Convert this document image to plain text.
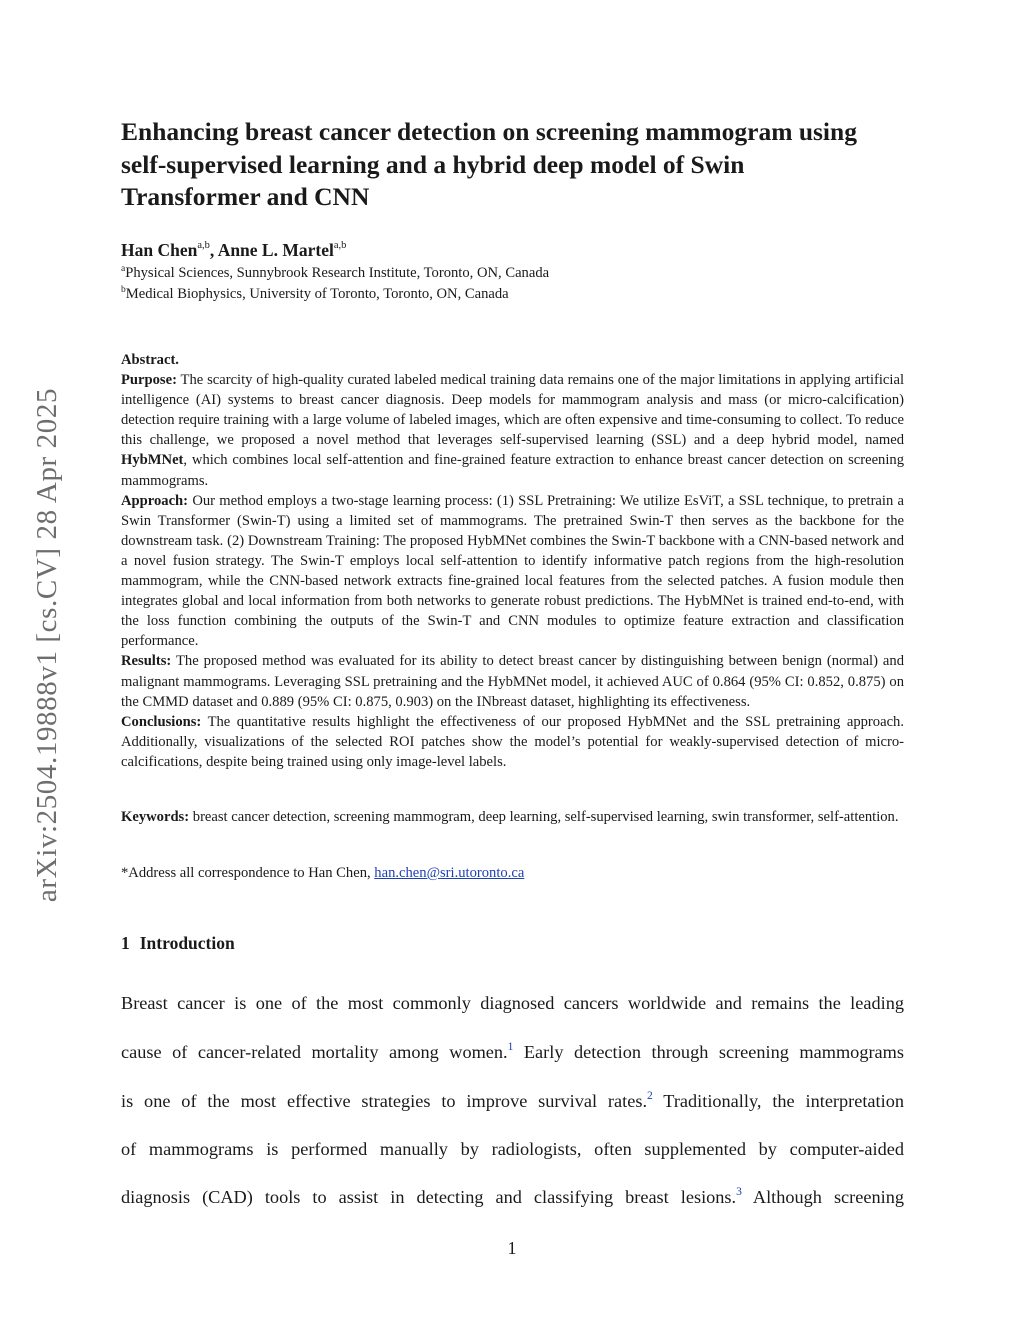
arXiv:2504.19888v1 [cs.CV] 28 Apr 2025
Enhancing breast cancer detection on screening mammogram using
self-supervised learning and a hybrid deep model of Swin
Transformer and CNN
Han Chen$^{a,b}$, Anne L. Martel$^{a,b}$
$^a$Physical Sciences, Sunnybrook Research Institute, Toronto, ON, Canada
$^b$Medical Biophysics, University of Toronto, Toronto, ON, Canada

Abstract.

Purpose: The scarcity of high-quality curated labeled medical training data remains one of the major limitations in applying artificial intelligence (AI) systems to breast cancer diagnosis. Deep models for mammogram analysis and mass (or micro-calcification) detection require training with a large volume of labeled images, which are often expensive and time-consuming to collect. To reduce this challenge, we proposed a novel method that leverages self-supervised learning (SSL) and a deep hybrid model, named HybMNet, which combines local self-attention and fine-grained feature extraction to enhance breast cancer detection on screening mammograms.

Approach: Our method employs a two-stage learning process: (1) SSL Pretraining: We utilize EsViT, a SSL technique, to pretrain a Swin Transformer (Swin-T) using a limited set of mammograms. The pretrained Swin-T then serves as the backbone for the downstream task. (2) Downstream Training: The proposed HybMNet combines the Swin-T backbone with a CNN-based network and a novel fusion strategy. The Swin-T employs local self-attention to identify informative patch regions from the high-resolution mammogram, while the CNN-based network extracts fine-grained local features from the selected patches. A fusion module then integrates global and local information from both networks to generate robust predictions. The HybMNet is trained end-to-end, with the loss function combining the outputs of the Swin-T and CNN modules to optimize feature extraction and classification performance.

Results: The proposed method was evaluated for its ability to detect breast cancer by distinguishing between benign (normal) and malignant mammograms. Leveraging SSL pretraining and the HybMNet model, it achieved AUC of 0.864 (95% CI: 0.852, 0.875) on the CMMD dataset and 0.889 (95% CI: 0.875, 0.903) on the INbreast dataset, highlighting its effectiveness.

Conclusions: The quantitative results highlight the effectiveness of our proposed HybMNet and the SSL pretraining approach. Additionally, visualizations of the selected ROI patches show the model’s potential for weakly-supervised detection of micro-calcifications, despite being trained using only image-level labels.

Keywords: breast cancer detection, screening mammogram, deep learning, self-supervised learning, swin transformer, self-attention.
*Address all correspondence to Han Chen, han.chen@sri.utoronto.ca
1 Introduction
Breast cancer is one of the most commonly diagnosed cancers worldwide and remains the leading
cause of cancer-related mortality among women.$^1$ Early detection through screening mammograms
is one of the most effective strategies to improve survival rates.$^2$ Traditionally, the interpretation
of mammograms is performed manually by radiologists, often supplemented by computer-aided
diagnosis (CAD) tools to assist in detecting and classifying breast lesions.$^3$ Although screening
1
